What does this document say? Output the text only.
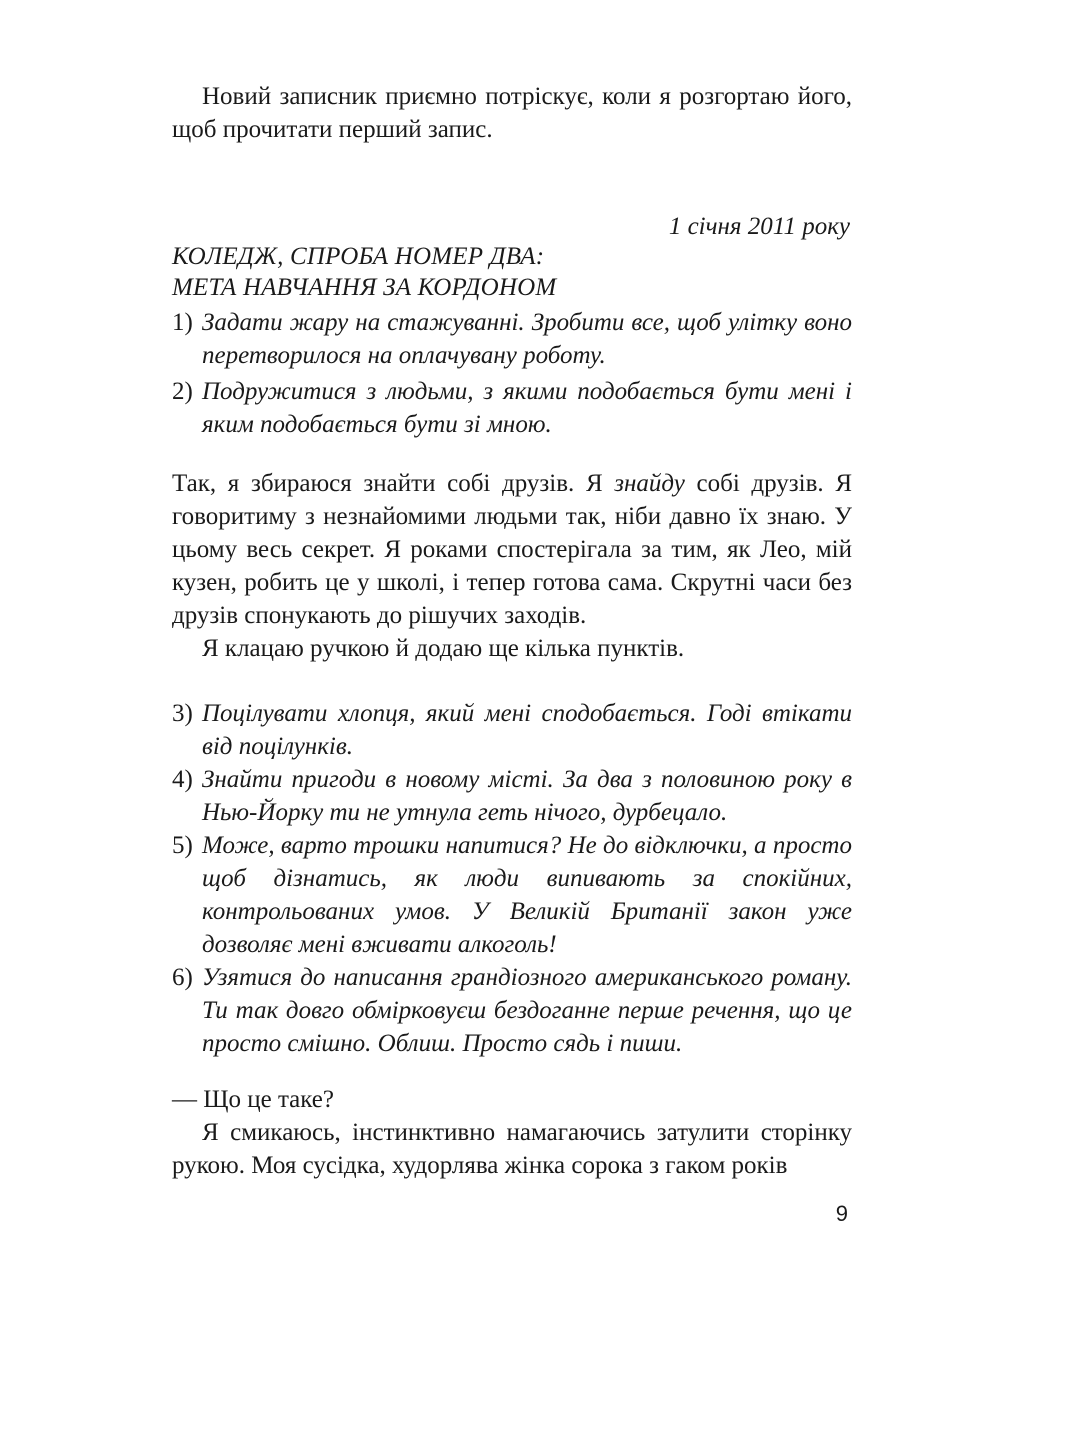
Новий записник приємно потріскує, коли я розгортаю його, щоб прочитати перший запис.

1 січня 2011 року
КОЛЕДЖ, СПРОБА НОМЕР ДВА:
МЕТА НАВЧАННЯ ЗА КОРДОНОМ
1) Задати жару на стажуванні. Зробити все, щоб улітку воно перетворилося на оплачувану роботу.
2) Подружитися з людьми, з якими подобається бути мені і яким подобається бути зі мною.

Так, я збираюся знайти собі друзів. Я знайду собі друзів. Я говоритиму з незнайомими людьми так, ніби давно їх знаю. У цьому весь секрет. Я роками спостерігала за тим, як Лео, мій кузен, робить це у школі, і тепер готова сама. Скрутні часи без друзів спонукають до рішучих заходів.

Я клацаю ручкою й додаю ще кілька пунктів.

3) Поцілувати хлопця, який мені сподобається. Годі втікати від поцілунків.
4) Знайти пригоди в новому місті. За два з половиною року в Нью-Йорку ти не утнула геть нічого, дурбецало.
5) Може, варто трошки напитися? Не до відключки, а просто щоб дізнатись, як люди випивають за спокійних, контрольованих умов. У Великій Британії закон уже дозволяє мені вживати алкоголь!
6) Узятися до написання грандіозного американського роману. Ти так довго обмірковуєш бездоганне перше речення, що це просто смішно. Облиш. Просто сядь і пиши.

— Що це таке?

Я смикаюсь, інстинктивно намагаючись затулити сторінку рукою. Моя сусідка, худорлява жінка сорока з гаком років

9
